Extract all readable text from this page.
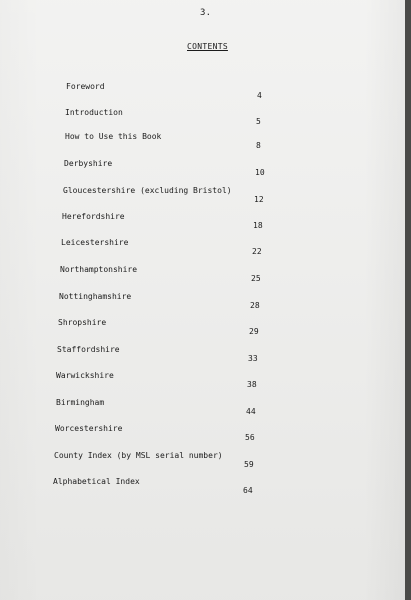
3.
CONTENTS
Foreword
4
Introduction
5
How to Use this Book
8
Derbyshire
10
Gloucestershire (excluding Bristol)
12
Herefordshire
18
Leicestershire
22
Northamptonshire
25
Nottinghamshire
28
Shropshire
29
Staffordshire
33
Warwickshire
38
Birmingham
44
Worcestershire
56
County Index (by MSL serial number)
59
Alphabetical Index
64
